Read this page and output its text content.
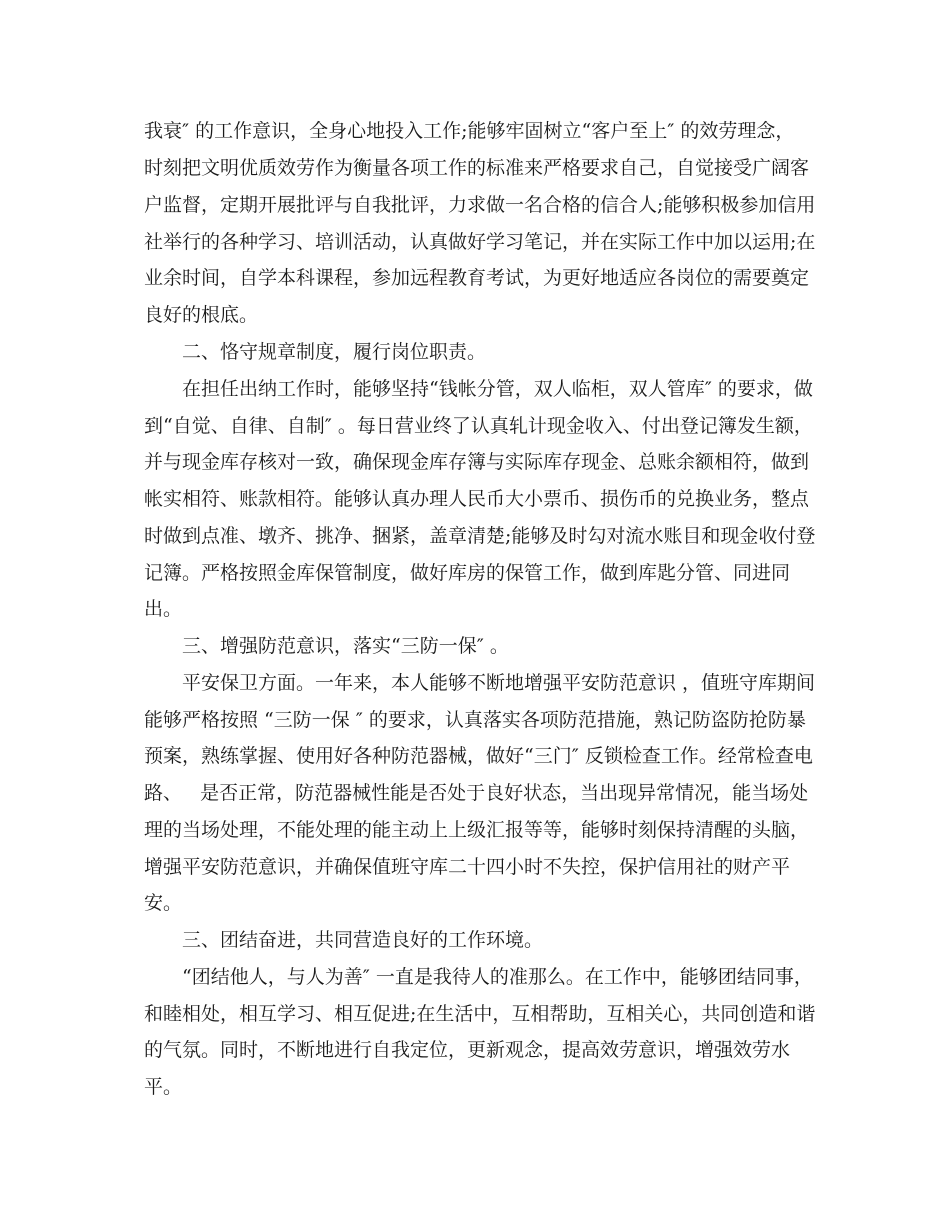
我衰″ 的工作意识，全身心地投入工作;能够牢固树立“客户至上″ 的效劳理念，
时刻把文明优质效劳作为衡量各项工作的标准来严格要求自己，自觉接受广阔客
户监督，定期开展批评与自我批评，力求做一名合格的信合人;能够积极参加信用
社举行的各种学习、培训活动，认真做好学习笔记，并在实际工作中加以运用;在
业余时间，自学本科课程，参加远程教育考试，为更好地适应各岗位的需要奠定
良好的根底。
二、恪守规章制度，履行岗位职责。
在担任出纳工作时，能够坚持“钱帐分管，双人临柜，双人管库″ 的要求，做
到“自觉、自律、自制″ 。每日营业终了认真轧计现金收入、付出登记簿发生额，
并与现金库存核对一致，确保现金库存簿与实际库存现金、总账余额相符，做到
帐实相符、账款相符。能够认真办理人民币大小票币、损伤币的兑换业务，整点
时做到点准、墩齐、挑净、捆紧，盖章清楚;能够及时勾对流水账目和现金收付登
记簿。严格按照金库保管制度，做好库房的保管工作，做到库匙分管、同进同
出。
三、增强防范意识，落实“三防一保″ 。
平安保卫方面。一年来，本人能够不断地增强平安防范意识 ，值班守库期间
能够严格按照 “三防一保 ″ 的要求，认真落实各项防范措施，熟记防盗防抢防暴
预案，熟练掌握、使用好各种防范器械，做好“三门″ 反锁检查工作。经常检查电
路、   是否正常，防范器械性能是否处于良好状态，当出现异常情况，能当场处
理的当场处理，不能处理的能主动上上级汇报等等，能够时刻保持清醒的头脑，
增强平安防范意识，并确保值班守库二十四小时不失控，保护信用社的财产平
安。
三、团结奋进，共同营造良好的工作环境。
“团结他人，与人为善″ 一直是我待人的准那么。在工作中，能够团结同事，
和睦相处，相互学习、相互促进;在生活中，互相帮助，互相关心，共同创造和谐
的气氛。同时，不断地进行自我定位，更新观念，提高效劳意识，增强效劳水
平。
